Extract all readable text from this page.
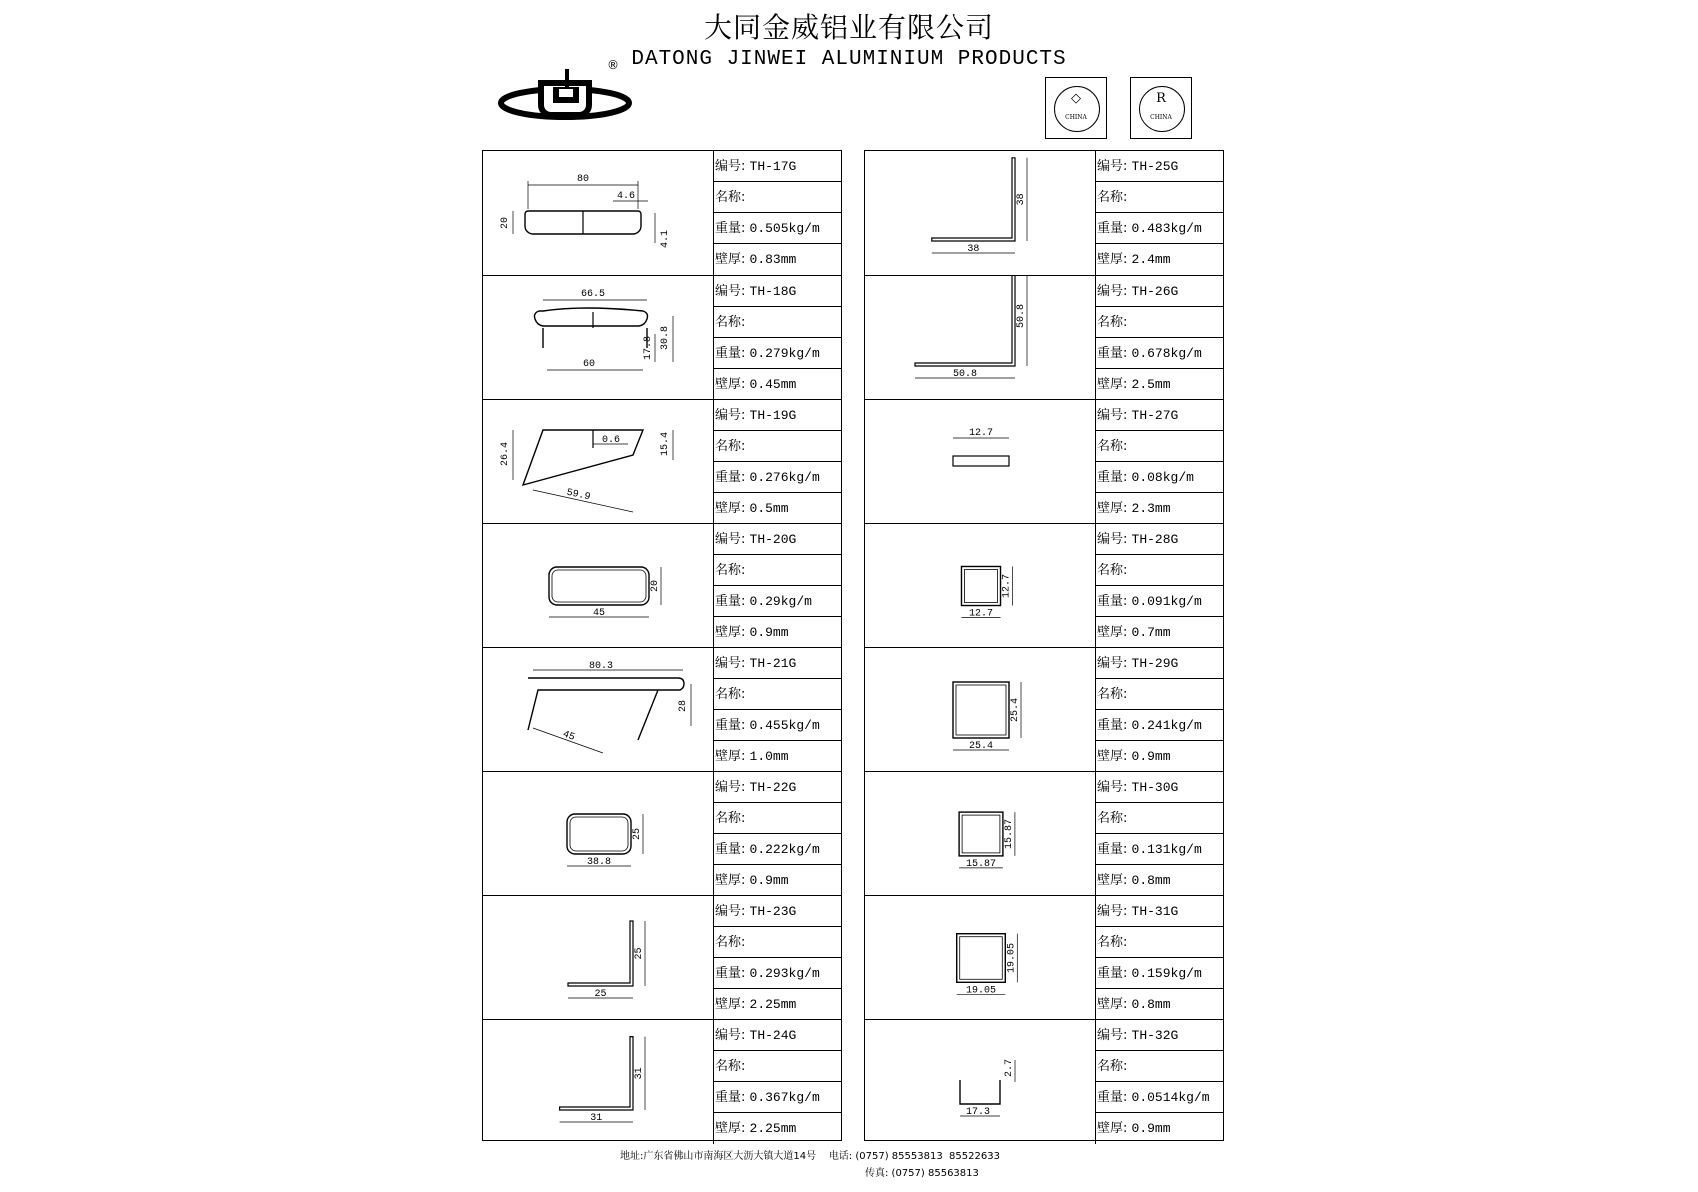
大同金威铝业有限公司
DATONG JINWEI ALUMINIUM PRODUCTS
®
◇
CHINA
R
CHINA
80
4.6
20
4.1
编号: TH-17G
名称:
重量: 0.505kg/m
壁厚: 0.83mm
66.5
60
17.8 30.8
编号: TH-18G
名称:
重量: 0.279kg/m
壁厚: 0.45mm
26.4
0.6	15.4
59.9
编号: TH-19G
名称:
重量: 0.276kg/m
壁厚: 0.5mm
45
20
编号: TH-20G
名称:
重量: 0.29kg/m
壁厚: 0.9mm
80.3
28
45
编号: TH-21G
名称:
重量: 0.455kg/m
壁厚: 1.0mm
38.8
25
编号: TH-22G
名称:
重量: 0.222kg/m
壁厚: 0.9mm
25
25
编号: TH-23G
名称:
重量: 0.293kg/m
壁厚: 2.25mm
31
31
编号: TH-24G
名称:
重量: 0.367kg/m
壁厚: 2.25mm
38
38
编号: TH-25G
名称:
重量: 0.483kg/m
壁厚: 2.4mm
50.8
50.8
编号: TH-26G
名称:
重量: 0.678kg/m
壁厚: 2.5mm
12.7
编号: TH-27G
名称:
重量: 0.08kg/m
壁厚: 2.3mm
12.7
12.7
编号: TH-28G
名称:
重量: 0.091kg/m
壁厚: 0.7mm
25.4
25.4
编号: TH-29G
名称:
重量: 0.241kg/m
壁厚: 0.9mm
15.87
15.87
编号: TH-30G
名称:
重量: 0.131kg/m
壁厚: 0.8mm
19.05
19.05
编号: TH-31G
名称:
重量: 0.159kg/m
壁厚: 0.8mm
17.3
2.7
编号: TH-32G
名称:
重量: 0.0514kg/m
壁厚: 0.9mm
地址:广东省佛山市南海区大沥大镇大道14号 电话: (0757) 85553813  85522633
传真: (0757) 85563813
